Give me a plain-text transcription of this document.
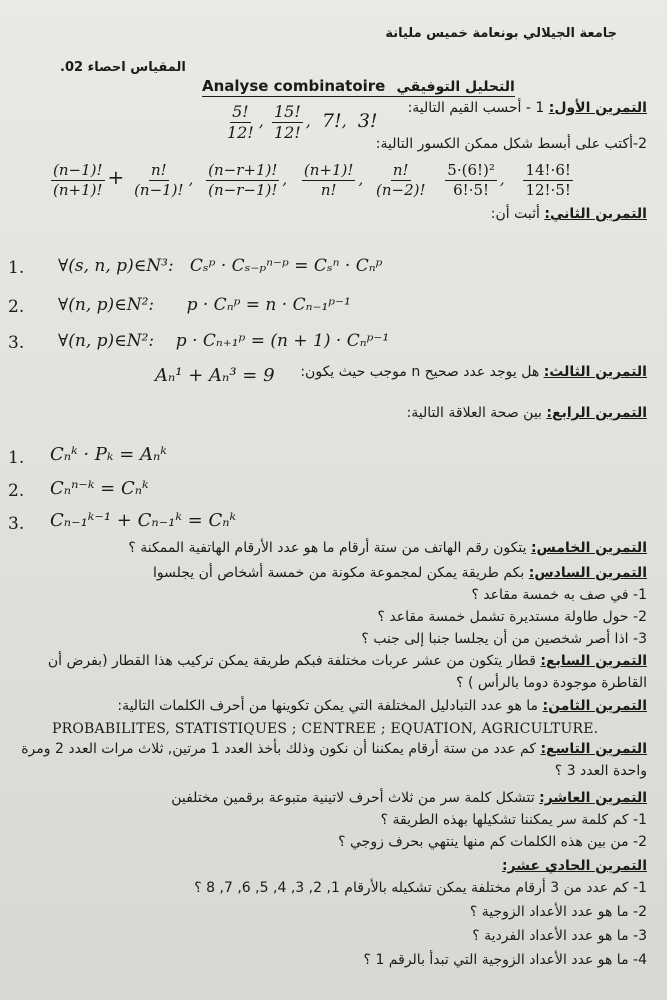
جامعة الجيلالي بونعامة خميس مليانة
المقياس احصاء 02.
Analyse combinatoire التحليل التوفيقي
التمرين الأول: 1 - أحسب القيم التالية:
$\frac{5!}{12!}$ , $\frac{15!}{12!}$ , 7!, 3!
2-أكتب على أبسط شكل ممكن الكسور التالية:
$\frac{(n-1)!}{(n+1)!} + \frac{n!}{(n-1)!}$ , $\frac{(n-r+1)!}{(n-r-1)!}$ , $\frac{(n+1)!}{n!}$ , $\frac{n!}{(n-2)!}$
$\frac{\text{5·(6!)²}}{6!\cdot 5!}$ , $\frac{14!\cdot 6!}{12!\cdot 5!}$
التمرين الثاني: أثبت أن:
1. ∀(s, n, p)∈N³:   Cₛᵖ · Cₛ₋ₚⁿ⁻ᵖ = Cₛⁿ · Cₙᵖ
2. ∀(n, p)∈N²:      p · Cₙᵖ = n · Cₙ₋₁ᵖ⁻¹
3. ∀(n, p)∈N²:    p · Cₙ₊₁ᵖ = (n + 1) · Cₙᵖ⁻¹
التمرين الثالث: هل يوجد عدد صحيح n موجب حيث يكون:
Aₙ¹ + Aₙ³ = 9
التمرين الرابع: بين صحة العلاقة التالية:
1. Cₙᵏ · Pₖ = Aₙᵏ
2. Cₙⁿ⁻ᵏ = Cₙᵏ
3. Cₙ₋₁ᵏ⁻¹ + Cₙ₋₁ᵏ = Cₙᵏ
التمرين الخامس: يتكون رقم الهاتف من ستة أرقام ما هو عدد الأرقام الهاتفية الممكنة ؟
التمرين السادس: بكم طريقة يمكن لمجموعة مكونة من خمسة أشخاص أن يجلسوا
1- في صف به خمسة مقاعد ؟
2- حول طاولة مستديرة تشمل خمسة مقاعد ؟
3- اذا أصر شخصين من أن يجلسا جنبا إلى جنب ؟
التمرين السابع: قطار يتكون من عشر عربات مختلفة فبكم طريقة يمكن تركيب هذا القطار (بفرض أن
القاطرة موجودة دوما بالرأس ) ؟
التمرين الثامن: ما هو عدد التبادليل المختلفة التي يمكن تكوينها من أحرف الكلمات التالية:
PROBABILITES, STATISTIQUES ; CENTREE ; EQUATION, AGRICULTURE.
التمرين التاسع: كم عدد من ستة أرقام يمكننا أن نكون وذلك بأخذ العدد 1 مرتين, ثلاث مرات العدد 2 ومرة
واحدة العدد 3 ؟
التمرين العاشر: تتشكل كلمة سر من ثلاث أحرف لاتينية متبوعة برقمين مختلفين
1- كم كلمة سر يمكننا تشكيلها بهذه الطريقة ؟
2- من بين هذه الكلمات كم منها ينتهي بحرف زوجي ؟
التمرين الحادي عشر:
1- كم عدد من 3 أرقام مختلفة يمكن تشكيله بالأرقام 1, 2, 3, 4, 5, 6, 7, 8 ؟
2- ما هو عدد الأعداد الزوجية ؟
3- ما هو عدد الأعداد الفردية ؟
4- ما هو عدد الأعداد الزوجية التي تبدأ بالرقم 1 ؟
